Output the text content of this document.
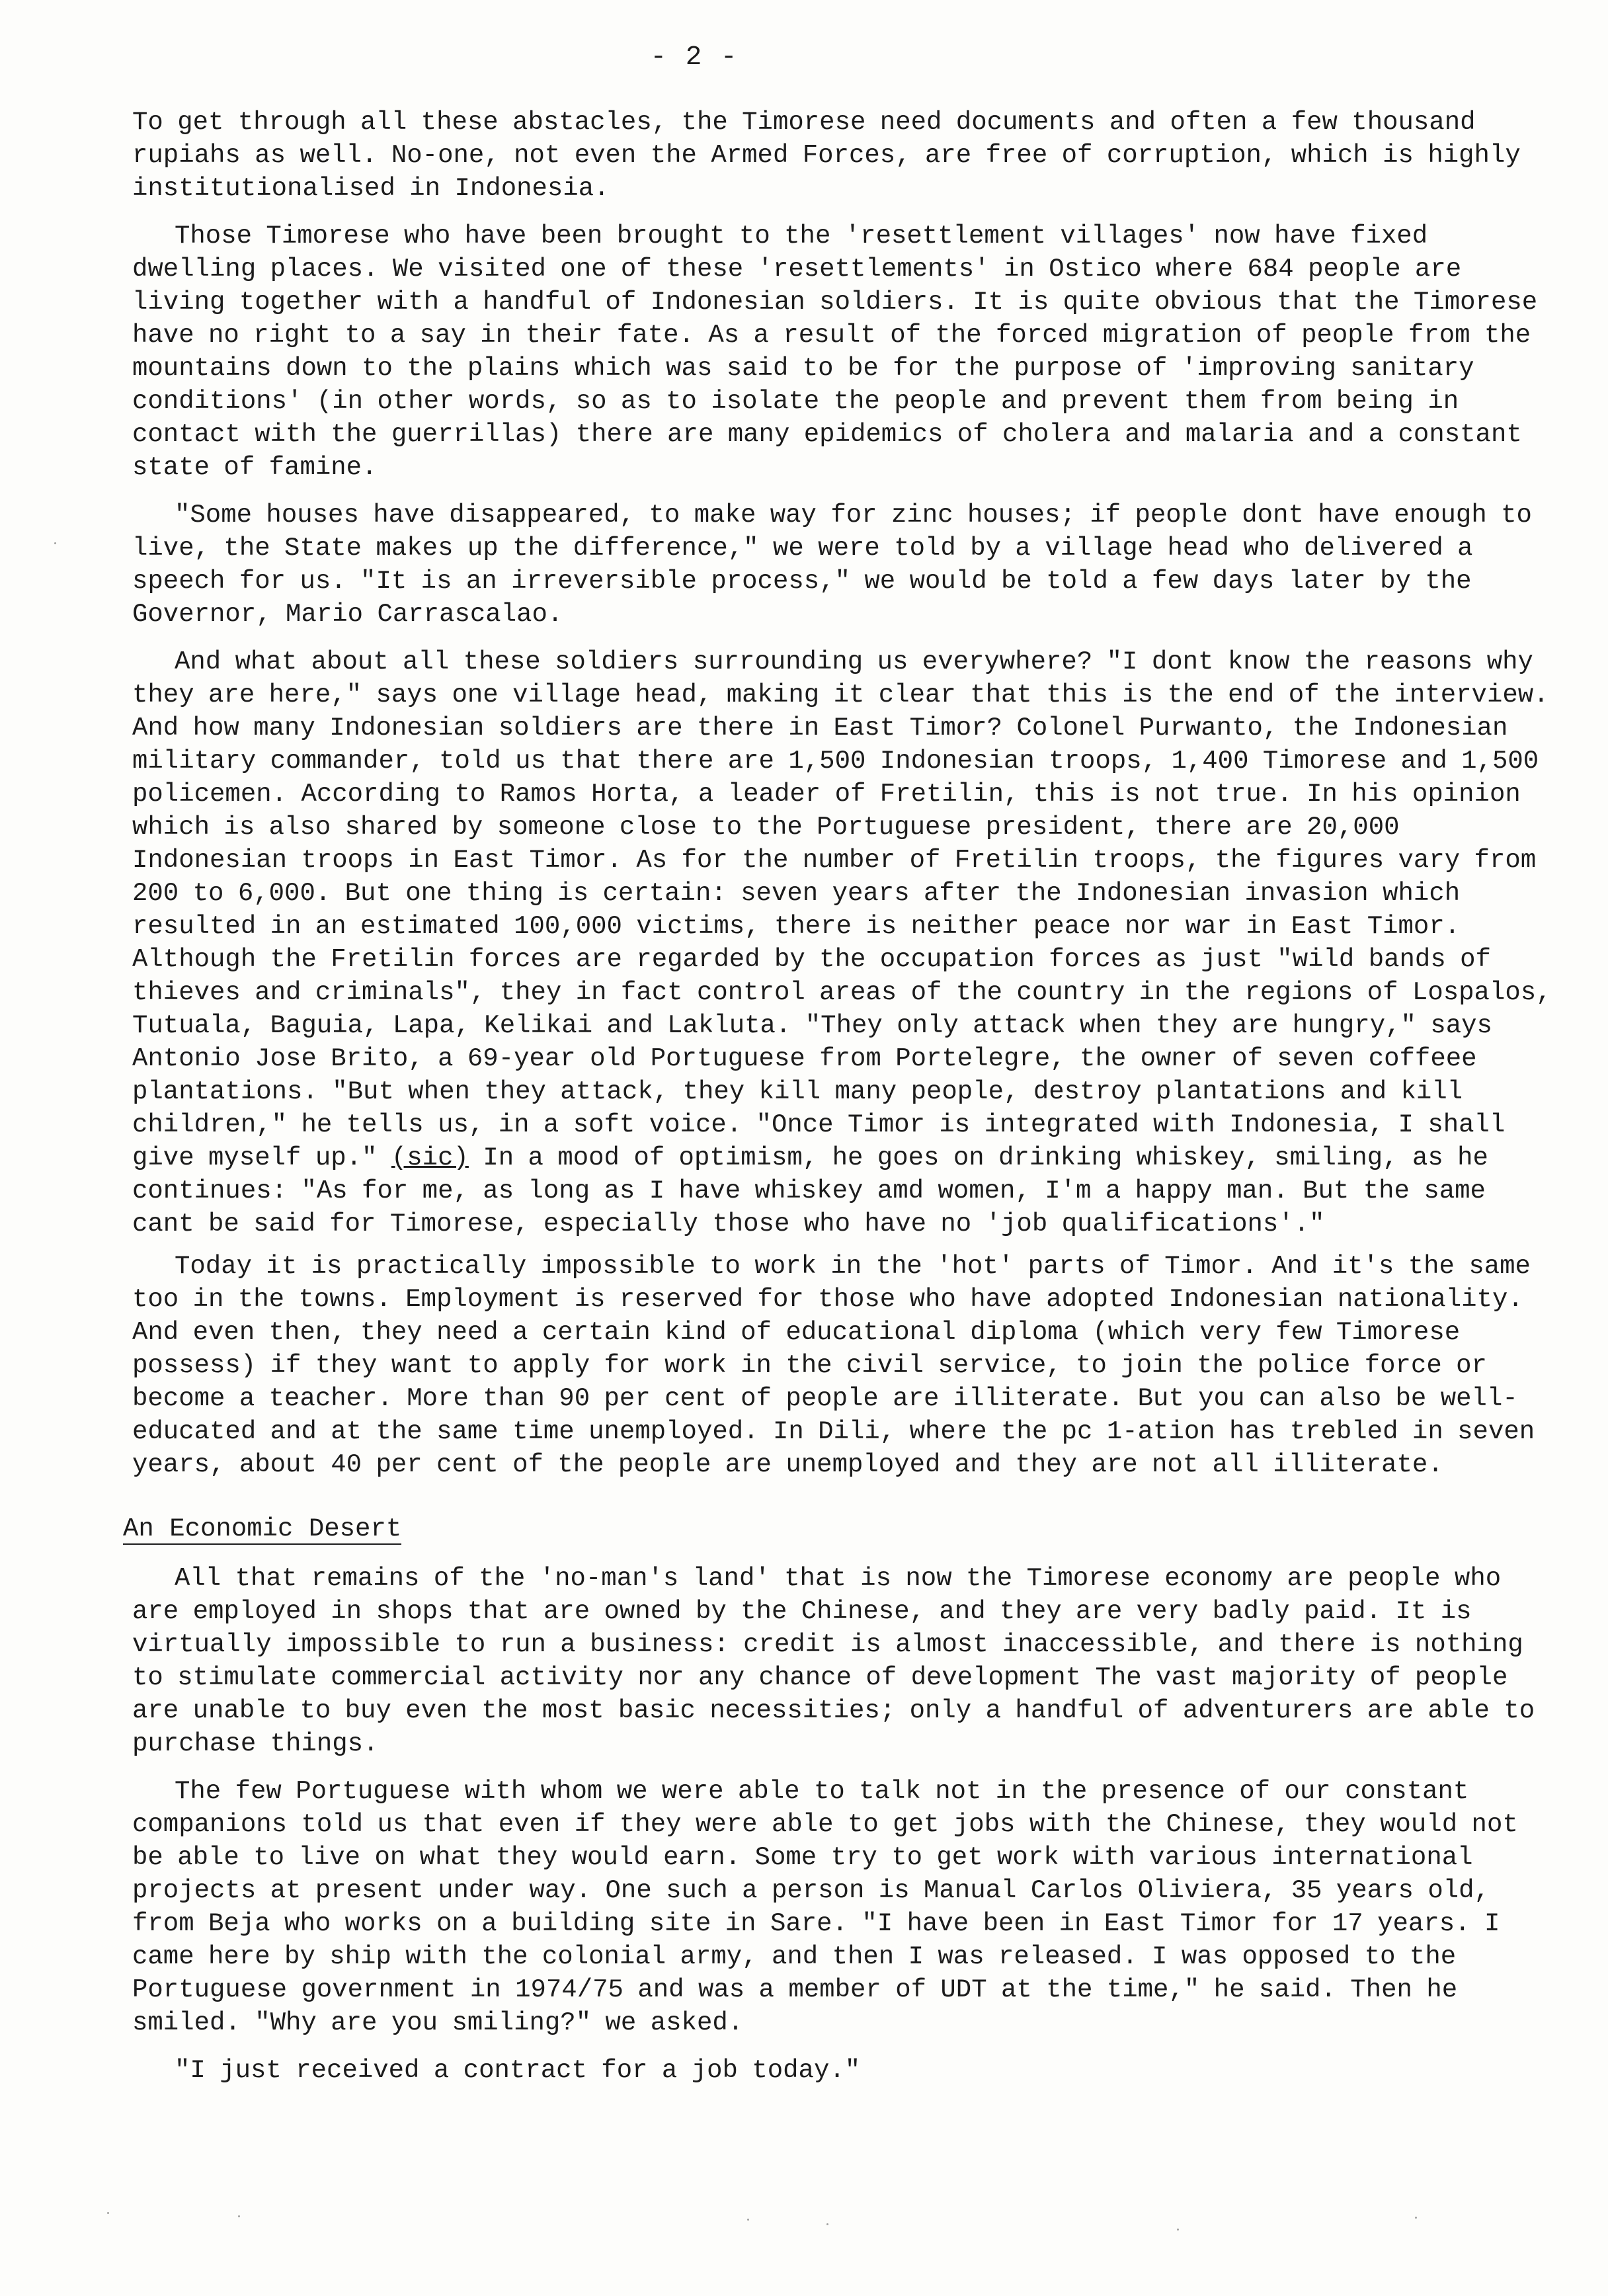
- 2 -

To get through all these abstacles, the Timorese need documents and often a few thousand rupiahs as well. No-one, not even the Armed Forces, are free of corruption, which is highly institutionalised in Indonesia.

Those Timorese who have been brought to the 'resettlement villages' now have fixed dwelling places. We visited one of these 'resettlements' in Ostico where 684 people are living together with a handful of Indonesian soldiers. It is quite obvious that the Timorese have no right to a say in their fate. As a result of the forced migration of people from the mountains down to the plains which was said to be for the purpose of 'improving sanitary conditions' (in other words, so as to isolate the people and prevent them from being in contact with the guerrillas) there are many epidemics of cholera and malaria and a constant state of famine.

"Some houses have disappeared, to make way for zinc houses; if people dont have enough to live, the State makes up the difference," we were told by a village head who delivered a speech for us. "It is an irreversible process," we would be told a few days later by the Governor, Mario Carrascalao.

And what about all these soldiers surrounding us everywhere? "I dont know the reasons why they are here," says one village head, making it clear that this is the end of the interview. And how many Indonesian soldiers are there in East Timor? Colonel Purwanto, the Indonesian military commander, told us that there are 1,500 Indonesian troops, 1,400 Timorese and 1,500 policemen. According to Ramos Horta, a leader of Fretilin, this is not true. In his opinion which is also shared by someone close to the Portuguese president, there are 20,000 Indonesian troops in East Timor. As for the number of Fretilin troops, the figures vary from 200 to 6,000. But one thing is certain: seven years after the Indonesian invasion which resulted in an estimated 100,000 victims, there is neither peace nor war in East Timor. Although the Fretilin forces are regarded by the occupation forces as just "wild bands of thieves and criminals", they in fact control areas of the country in the regions of Lospalos, Tutuala, Baguia, Lapa, Kelikai and Lakluta. "They only attack when they are hungry," says Antonio Jose Brito, a 69-year old Portuguese from Portelegre, the owner of seven coffeee plantations. "But when they attack, they kill many people, destroy plantations and kill children," he tells us, in a soft voice. "Once Timor is integrated with Indonesia, I shall give myself up." (sic) In a mood of optimism, he goes on drinking whiskey, smiling, as he continues: "As for me, as long as I have whiskey amd women, I'm a happy man. But the same cant be said for Timorese, especially those who have no 'job qualifications'."

Today it is practically impossible to work in the 'hot' parts of Timor. And it's the same too in the towns. Employment is reserved for those who have adopted Indonesian nationality. And even then, they need a certain kind of educational diploma (which very few Timorese possess) if they want to apply for work in the civil service, to join the police force or become a teacher. More than 90 per cent of people are illiterate. But you can also be well-educated and at the same time unemployed. In Dili, where the pc 1-ation has trebled in seven years, about 40 per cent of the people are unemployed and they are not all illiterate.

An Economic Desert

All that remains of the 'no-man's land' that is now the Timorese economy are people who are employed in shops that are owned by the Chinese, and they are very badly paid. It is virtually impossible to run a business: credit is almost inaccessible, and there is nothing to stimulate commercial activity nor any chance of development The vast majority of people are unable to buy even the most basic necessities; only a handful of adventurers are able to purchase things.

The few Portuguese with whom we were able to talk not in the presence of our constant companions told us that even if they were able to get jobs with the Chinese, they would not be able to live on what they would earn. Some try to get work with various international projects at present under way. One such a person is Manual Carlos Oliviera, 35 years old, from Beja who works on a building site in Sare. "I have been in East Timor for 17 years. I came here by ship with the colonial army, and then I was released. I was opposed to the Portuguese government in 1974/75 and was a member of UDT at the time," he said. Then he smiled. "Why are you smiling?" we asked.

"I just received a contract for a job today."
